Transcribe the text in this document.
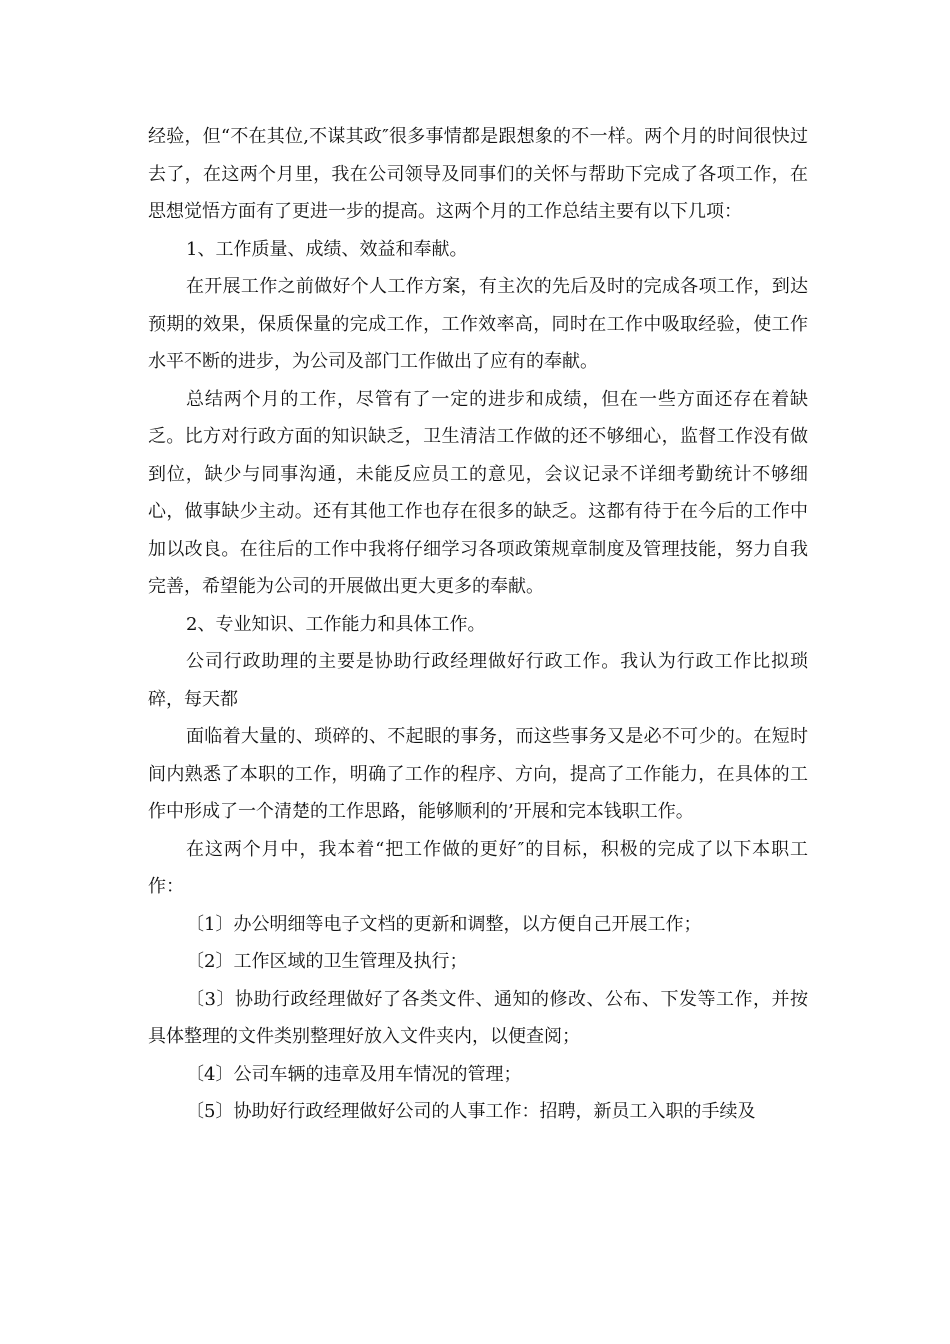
经验，但“不在其位,不谋其政″很多事情都是跟想象的不一样。两个月的时间很快过去了，在这两个月里，我在公司领导及同事们的关怀与帮助下完成了各项工作，在思想觉悟方面有了更进一步的提高。这两个月的工作总结主要有以下几项：

1、工作质量、成绩、效益和奉献。

在开展工作之前做好个人工作方案，有主次的先后及时的完成各项工作，到达预期的效果，保质保量的完成工作，工作效率高，同时在工作中吸取经验，使工作水平不断的进步，为公司及部门工作做出了应有的奉献。

总结两个月的工作，尽管有了一定的进步和成绩，但在一些方面还存在着缺乏。比方对行政方面的知识缺乏，卫生清洁工作做的还不够细心，监督工作没有做到位，缺少与同事沟通，未能反应员工的意见，会议记录不详细考勤统计不够细心，做事缺少主动。还有其他工作也存在很多的缺乏。这都有待于在今后的工作中加以改良。在往后的工作中我将仔细学习各项政策规章制度及管理技能，努力自我完善，希望能为公司的开展做出更大更多的奉献。

2、专业知识、工作能力和具体工作。

公司行政助理的主要是协助行政经理做好行政工作。我认为行政工作比拟琐碎，每天都

面临着大量的、琐碎的、不起眼的事务，而这些事务又是必不可少的。在短时间内熟悉了本职的工作，明确了工作的程序、方向，提高了工作能力，在具体的工作中形成了一个清楚的工作思路，能够顺利的’开展和完本钱职工作。

在这两个月中，我本着“把工作做的更好″的目标，积极的完成了以下本职工作：

〔1〕办公明细等电子文档的更新和调整，以方便自己开展工作；

〔2〕工作区域的卫生管理及执行；

〔3〕协助行政经理做好了各类文件、通知的修改、公布、下发等工作，并按具体整理的文件类别整理好放入文件夹内，以便查阅；

〔4〕公司车辆的违章及用车情况的管理；

〔5〕协助好行政经理做好公司的人事工作：招聘，新员工入职的手续及
